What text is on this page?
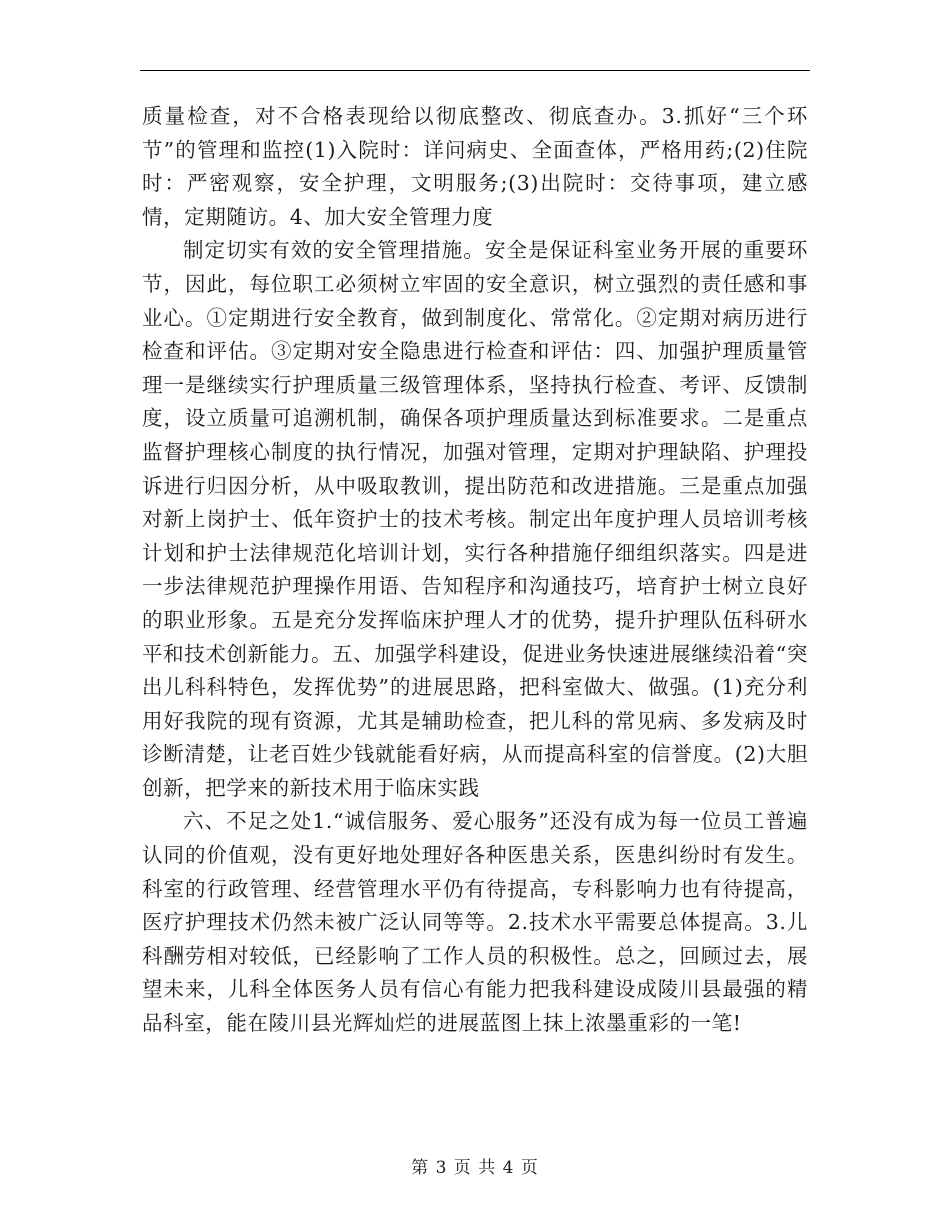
质量检查，对不合格表现给以彻底整改、彻底查办。3.抓好“三个环节”的管理和监控(1)入院时：详问病史、全面查体，严格用药;(2)住院时：严密观察，安全护理，文明服务;(3)出院时：交待事项，建立感情，定期随访。4、加大安全管理力度

制定切实有效的安全管理措施。安全是保证科室业务开展的重要环节，因此，每位职工必须树立牢固的安全意识，树立强烈的责任感和事业心。①定期进行安全教育，做到制度化、常常化。②定期对病历进行检查和评估。③定期对安全隐患进行检查和评估：四、加强护理质量管理一是继续实行护理质量三级管理体系，坚持执行检查、考评、反馈制度，设立质量可追溯机制，确保各项护理质量达到标准要求。二是重点监督护理核心制度的执行情况，加强对管理，定期对护理缺陷、护理投诉进行归因分析，从中吸取教训，提出防范和改进措施。三是重点加强对新上岗护士、低年资护士的技术考核。制定出年度护理人员培训考核计划和护士法律规范化培训计划，实行各种措施仔细组织落实。四是进一步法律规范护理操作用语、告知程序和沟通技巧，培育护士树立良好的职业形象。五是充分发挥临床护理人才的优势，提升护理队伍科研水平和技术创新能力。五、加强学科建设，促进业务快速进展继续沿着“突出儿科科特色，发挥优势”的进展思路，把科室做大、做强。(1)充分利用好我院的现有资源，尤其是辅助检查，把儿科的常见病、多发病及时诊断清楚，让老百姓少钱就能看好病，从而提高科室的信誉度。(2)大胆创新，把学来的新技术用于临床实践

六、不足之处1.“诚信服务、爱心服务”还没有成为每一位员工普遍认同的价值观，没有更好地处理好各种医患关系，医患纠纷时有发生。科室的行政管理、经营管理水平仍有待提高，专科影响力也有待提高，医疗护理技术仍然未被广泛认同等等。2.技术水平需要总体提高。3.儿科酬劳相对较低，已经影响了工作人员的积极性。总之，回顾过去，展望未来，儿科全体医务人员有信心有能力把我科建设成陵川县最强的精品科室，能在陵川县光辉灿烂的进展蓝图上抹上浓墨重彩的一笔!

第 3 页 共 4 页
